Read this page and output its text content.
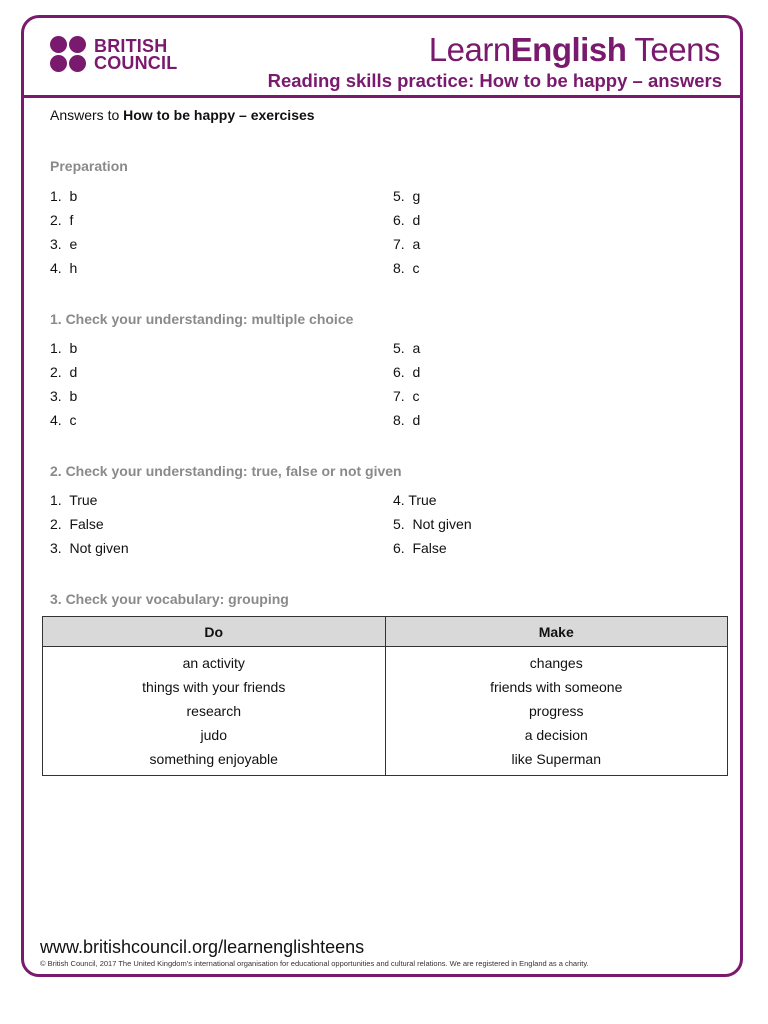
BRITISH
COUNCIL	LearnEnglish Teens
Reading skills practice: How to be happy – answers
Answers to How to be happy – exercises
Preparation
1.  b
2.  f
3.  e
4.  h
5.  g
6.  d
7.  a
8.  c
1. Check your understanding: multiple choice
1.  b
2.  d
3.  b
4.  c
5.  a
6.  d
7.  c
8.  d
2. Check your understanding: true, false or not given
1.  True
2.  False
3.  Not given
4. True
5.  Not given
6.  False
3. Check your vocabulary: grouping
Do	Make
an activity	changes
things with your friends	friends with someone
research	progress
judo	a decision
something enjoyable	like Superman
www.britishcouncil.org/learnenglishteens
© British Council, 2017 The United Kingdom’s international organisation for educational opportunities and cultural relations. We are registered in England as a charity.
